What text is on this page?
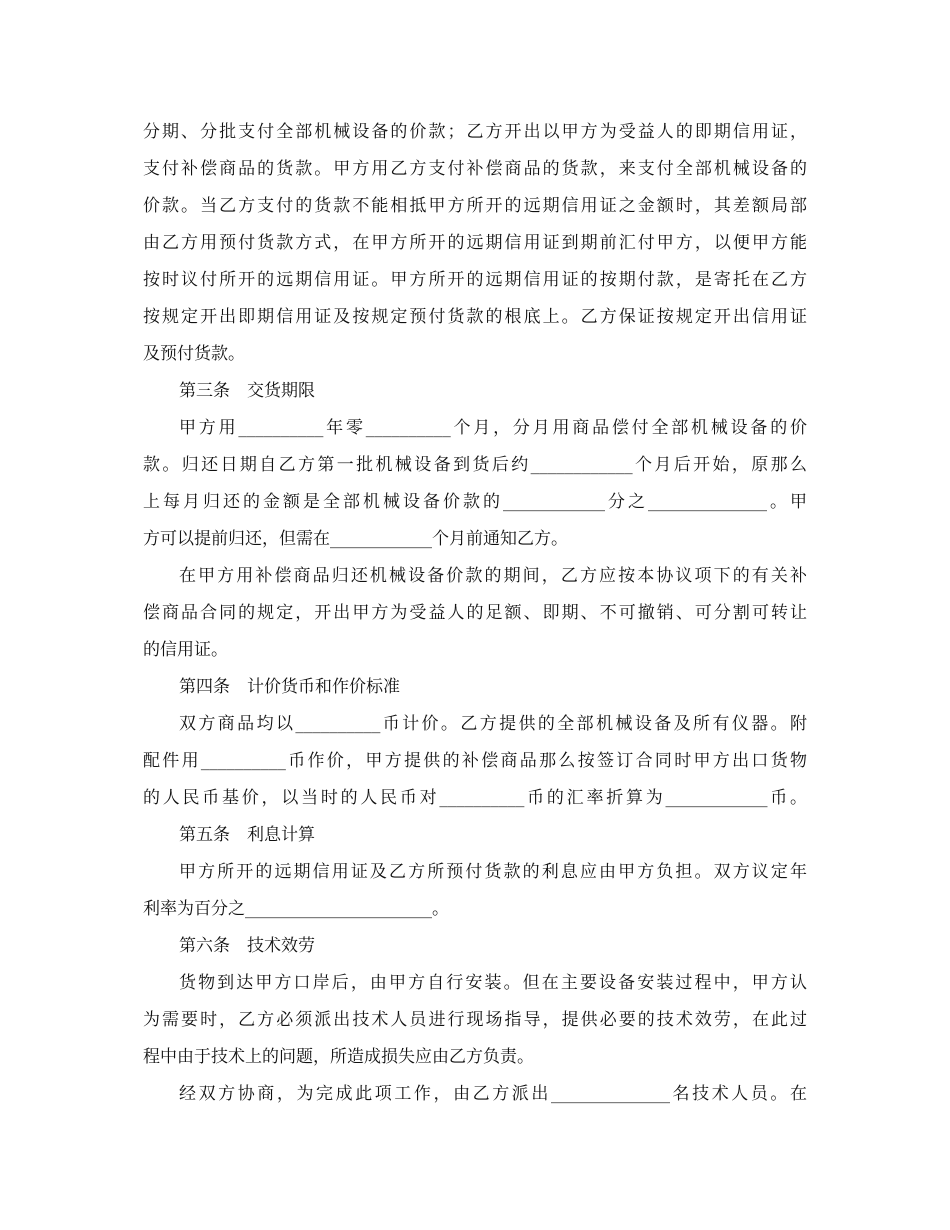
分期、分批支付全部机械设备的价款；乙方开出以甲方为受益人的即期信用证，
支付补偿商品的货款。甲方用乙方支付补偿商品的货款，来支付全部机械设备的
价款。当乙方支付的货款不能相抵甲方所开的远期信用证之金额时，其差额局部
由乙方用预付货款方式，在甲方所开的远期信用证到期前汇付甲方，以便甲方能
按时议付所开的远期信用证。甲方所开的远期信用证的按期付款，是寄托在乙方
按规定开出即期信用证及按规定预付货款的根底上。乙方保证按规定开出信用证
及预付货款。
第三条　交货期限
甲方用__________年零__________个月，分月用商品偿付全部机械设备的价
款。归还日期自乙方第一批机械设备到货后约____________个月后开始，原那么
上每月归还的金额是全部机械设备价款的____________分之______________。甲
方可以提前归还，但需在____________个月前通知乙方。
在甲方用补偿商品归还机械设备价款的期间，乙方应按本协议项下的有关补
偿商品合同的规定，开出甲方为受益人的足额、即期、不可撤销、可分割可转让
的信用证。
第四条　计价货币和作价标准
双方商品均以__________币计价。乙方提供的全部机械设备及所有仪器。附
配件用__________币作价，甲方提供的补偿商品那么按签订合同时甲方出口货物
的人民币基价，以当时的人民币对__________币的汇率折算为____________币。
第五条　利息计算
甲方所开的远期信用证及乙方所预付货款的利息应由甲方负担。双方议定年
利率为百分之______________________。
第六条　技术效劳
货物到达甲方口岸后，由甲方自行安装。但在主要设备安装过程中，甲方认
为需要时，乙方必须派出技术人员进行现场指导，提供必要的技术效劳，在此过
程中由于技术上的问题，所造成损失应由乙方负责。
经双方协商，为完成此项工作，由乙方派出______________名技术人员。在
